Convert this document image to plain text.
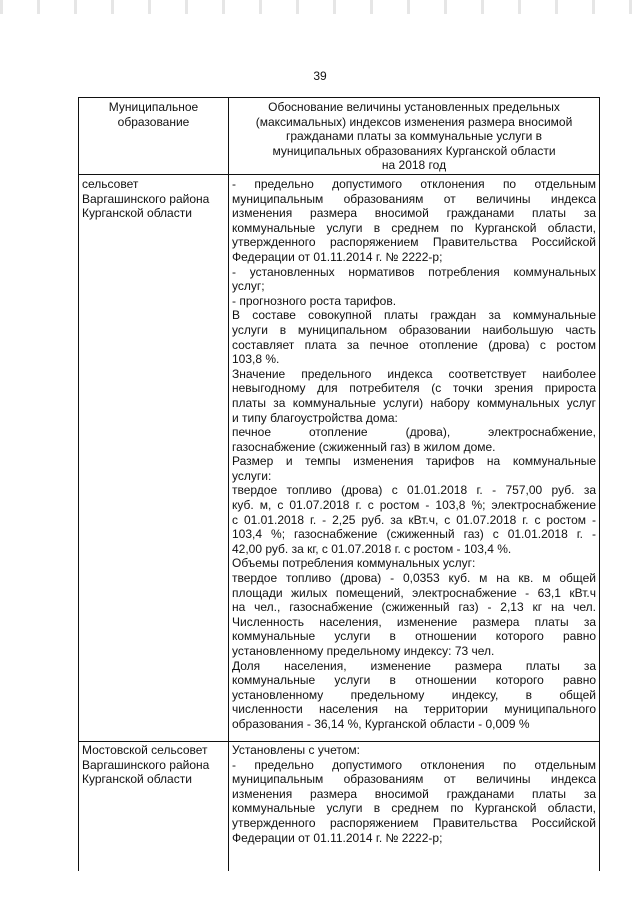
39
Муниципальное
образование
Обоснование величины установленных предельных
(максимальных) индексов изменения размера вносимой
гражданами платы за коммунальные услуги в
муниципальных образованиях Курганской области
на 2018 год
сельсовет
Варгашинского района
Курганской области
- предельно допустимого отклонения по отдельным
муниципальным образованиям от величины индекса
изменения размера вносимой гражданами платы за
коммунальные услуги в среднем по Курганской области,
утвержденного распоряжением Правительства Российской
Федерации от 01.11.2014 г. № 2222-р;
- установленных нормативов потребления коммунальных
услуг;
- прогнозного роста тарифов.
В составе совокупной платы граждан за коммунальные
услуги в муниципальном образовании наибольшую часть
составляет плата за печное отопление (дрова) с ростом
103,8 %.
Значение предельного индекса соответствует наиболее
невыгодному для потребителя (с точки зрения прироста
платы за коммунальные услуги) набору коммунальных услуг
и типу благоустройства дома:
печное отопление (дрова), электроснабжение,
газоснабжение (сжиженный газ) в жилом доме.
Размер и темпы изменения тарифов на коммунальные
услуги:
твердое топливо (дрова) с 01.01.2018 г. - 757,00 руб. за
куб. м, с 01.07.2018 г. с ростом - 103,8 %; электроснабжение
с 01.01.2018 г. - 2,25 руб. за кВт.ч, с 01.07.2018 г. с ростом -
103,4 %; газоснабжение (сжиженный газ) с 01.01.2018 г. -
42,00 руб. за кг, с 01.07.2018 г. с ростом - 103,4 %.
Объемы потребления коммунальных услуг:
твердое топливо (дрова) - 0,0353 куб. м на кв. м общей
площади жилых помещений, электроснабжение - 63,1 кВт.ч
на чел., газоснабжение (сжиженный газ) - 2,13 кг на чел.
Численность населения, изменение размера платы за
коммунальные услуги в отношении которого равно
установленному предельному индексу: 73 чел.
Доля населения, изменение размера платы за
коммунальные услуги в отношении которого равно
установленному предельному индексу, в общей
численности населения на территории муниципального
образования - 36,14 %, Курганской области - 0,009 %
Мостовской сельсовет
Варгашинского района
Курганской области
Установлены с учетом:
- предельно допустимого отклонения по отдельным
муниципальным образованиям от величины индекса
изменения размера вносимой гражданами платы за
коммунальные услуги в среднем по Курганской области,
утвержденного распоряжением Правительства Российской
Федерации от 01.11.2014 г. № 2222-р;
